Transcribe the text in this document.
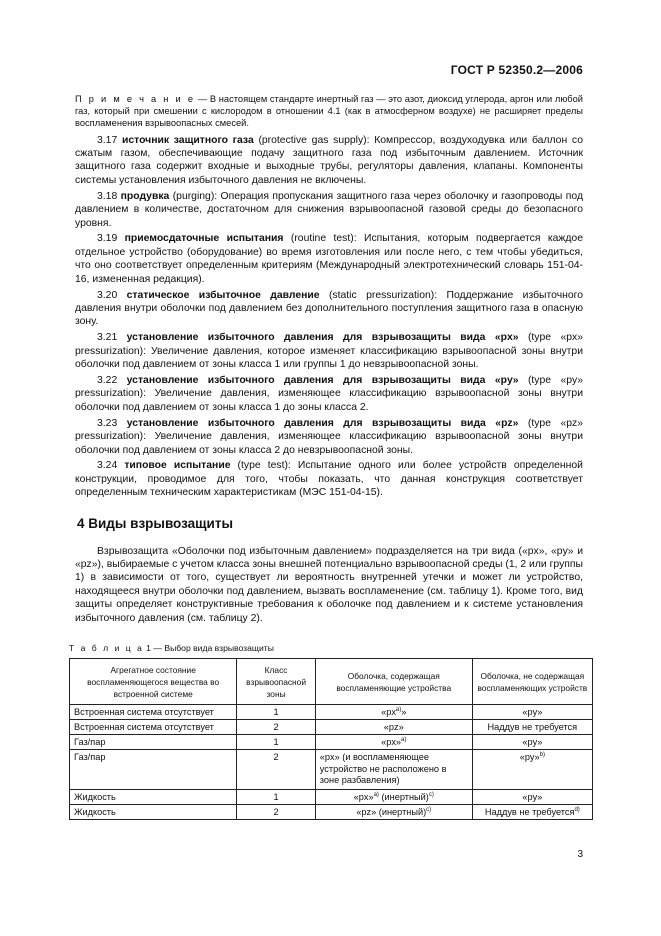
ГОСТ Р 52350.2—2006

П р и м е ч а н и е — В настоящем стандарте инертный газ — это азот, диоксид углерода, аргон или любой газ, который при смешении с кислородом в отношении 4.1 (как в атмосферном воздухе) не расширяет пределы воспламенения взрывоопасных смесей.

3.17 источник защитного газа (protective gas supply): Компрессор, воздуходувка или баллон со сжатым газом, обеспечивающие подачу защитного газа под избыточным давлением. Источник защитного газа содержит входные и выходные трубы, регуляторы давления, клапаны. Компоненты системы установления избыточного давления не включены.

3.18 продувка (purging): Операция пропускания защитного газа через оболочку и газопроводы под давлением в количестве, достаточном для снижения взрывоопасной газовой среды до безопасного уровня.

3.19 приемосдаточные испытания (routine test): Испытания, которым подвергается каждое отдельное устройство (оборудование) во время изготовления или после него, с тем чтобы убедиться, что оно соответствует определенным критериям (Международный электротехнический словарь 151-04-16, измененная редакция).

3.20 статическое избыточное давление (static pressurization): Поддержание избыточного давления внутри оболочки под давлением без дополнительного поступления защитного газа в опасную зону.

3.21 установление избыточного давления для взрывозащиты вида «px» (type «px» pressurization): Увеличение давления, которое изменяет классификацию взрывоопасной зоны внутри оболочки под давлением от зоны класса 1 или группы 1 до невзрывоопасной зоны.

3.22 установление избыточного давления для взрывозащиты вида «py» (type «py» pressurization): Увеличение давления, изменяющее классификацию взрывоопасной зоны внутри оболочки под давлением от зоны класса 1 до зоны класса 2.

3.23 установление избыточного давления для взрывозащиты вида «pz» (type «pz» pressurization): Увеличение давления, изменяющее классификацию взрывоопасной зоны внутри оболочки под давлением от зоны класса 2 до невзрывоопасной зоны.

3.24 типовое испытание (type test): Испытание одного или более устройств определенной конструкции, проводимое для того, чтобы показать, что данная конструкция соответствует определенным техническим характеристикам (МЭС 151-04-15).

4 Виды взрывозащиты

Взрывозащита «Оболочки под избыточным давлением» подразделяется на три вида («px», «py» и «pz»), выбираемые с учетом класса зоны внешней потенциально взрывоопасной среды (1, 2 или группы 1) в зависимости от того, существует ли вероятность внутренней утечки и может ли устройство, находящееся внутри оболочки под давлением, вызвать воспламенение (см. таблицу 1). Кроме того, вид защиты определяет конструктивные требования к оболочке под давлением и к системе установления избыточного давления (см. таблицу 2).

Т а б л и ц а 1 — Выбор вида взрывозащиты
Агрегатное состояние воспламеняющегося вещества во встроенной системе	Класс взрывоопасной зоны	Оболочка, содержащая воспламеняющие устройства	Оболочка, не содержащая воспламеняющих устройств
Встроенная система отсутствует	1	«$px^{a)}$»	«py»
Встроенная система отсутствует	2	«pz»	Наддув не требуется
Газ/пар	1	«px»$^{a)}$	«py»
Газ/пар	2	«px» (и воспламеняющее устройство не расположено в зоне разбавления)	«py»$^{b)}$
Жидкость	1	«px»$^{a)}$ (инертный)$^{c)}$	«py»
Жидкость	2	«pz» (инертный)$^{c)}$	Наддув не требуется$^{d)}$
3
